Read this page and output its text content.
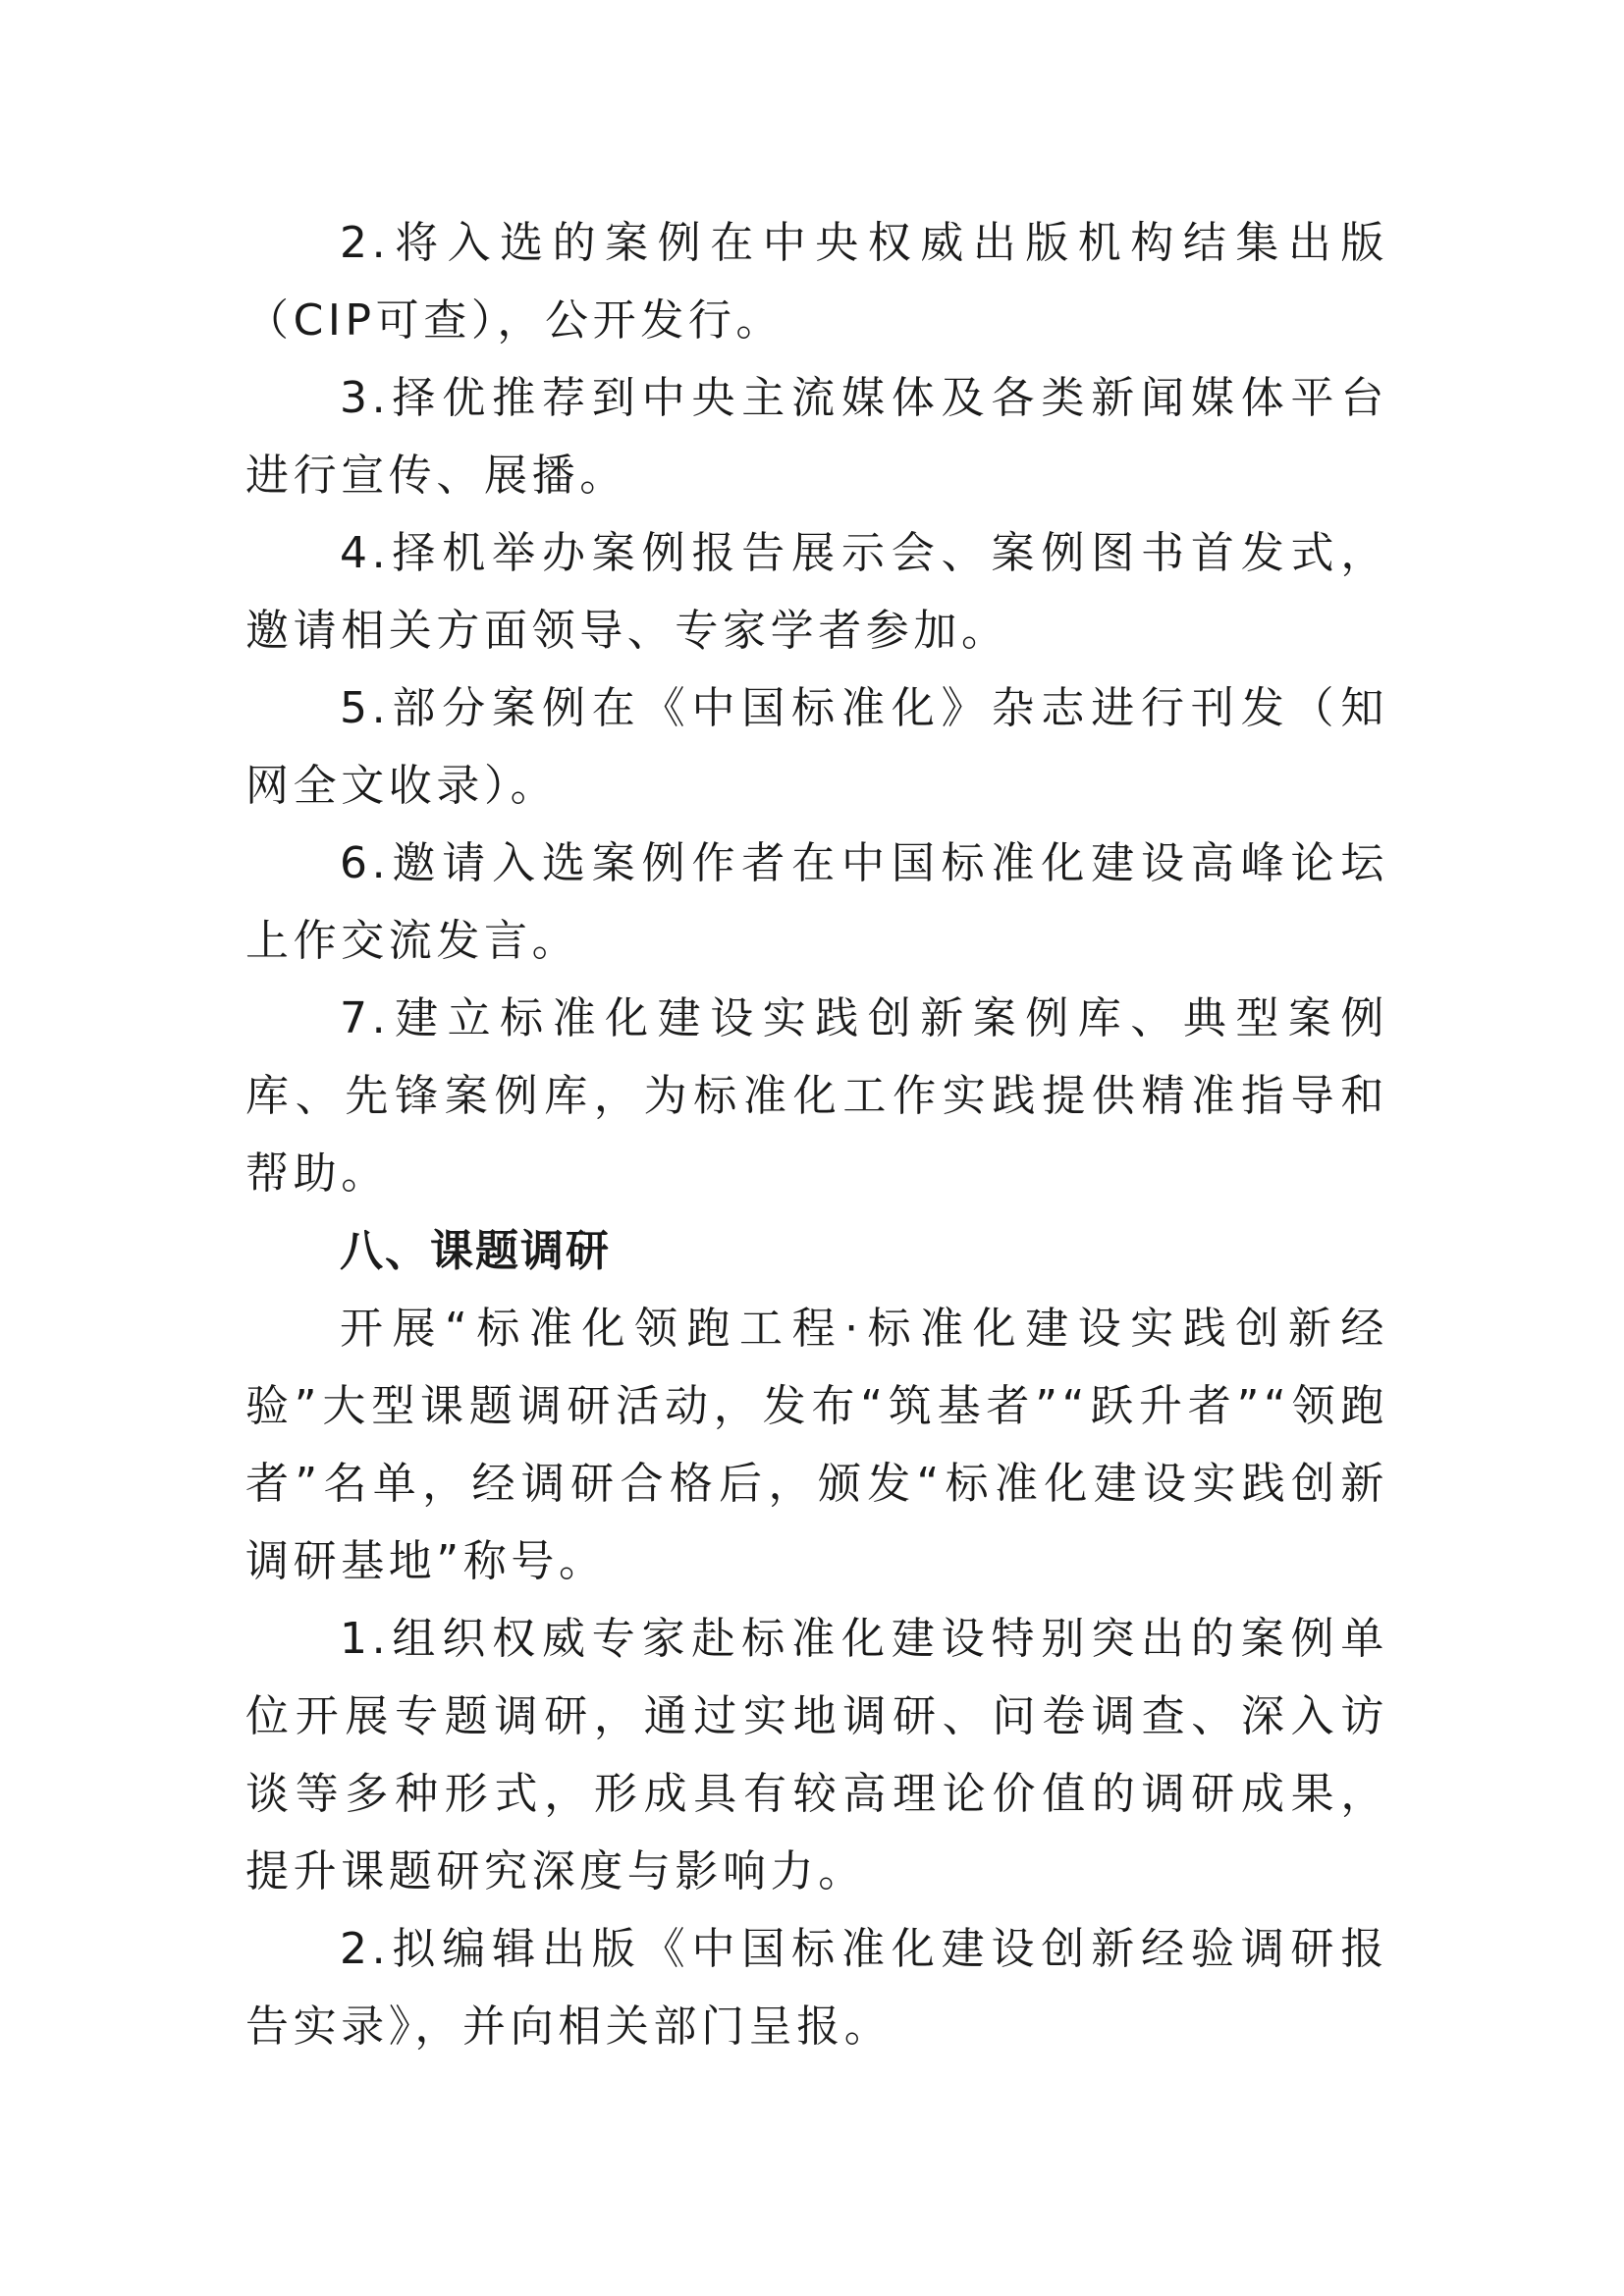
2.将入选的案例在中央权威出版机构结集出版（CIP可查），公开发行。

3.择优推荐到中央主流媒体及各类新闻媒体平台进行宣传、展播。

4.择机举办案例报告展示会、案例图书首发式，邀请相关方面领导、专家学者参加。

5.部分案例在《中国标准化》杂志进行刊发（知网全文收录）。

6.邀请入选案例作者在中国标准化建设高峰论坛上作交流发言。

7.建立标准化建设实践创新案例库、典型案例库、先锋案例库，为标准化工作实践提供精准指导和帮助。

八、课题调研

开展“标准化领跑工程·标准化建设实践创新经验”大型课题调研活动，发布“筑基者”“跃升者”“领跑者”名单，经调研合格后，颁发“标准化建设实践创新调研基地”称号。

1.组织权威专家赴标准化建设特别突出的案例单位开展专题调研，通过实地调研、问卷调查、深入访谈等多种形式，形成具有较高理论价值的调研成果，提升课题研究深度与影响力。

2.拟编辑出版《中国标准化建设创新经验调研报告实录》，并向相关部门呈报。
